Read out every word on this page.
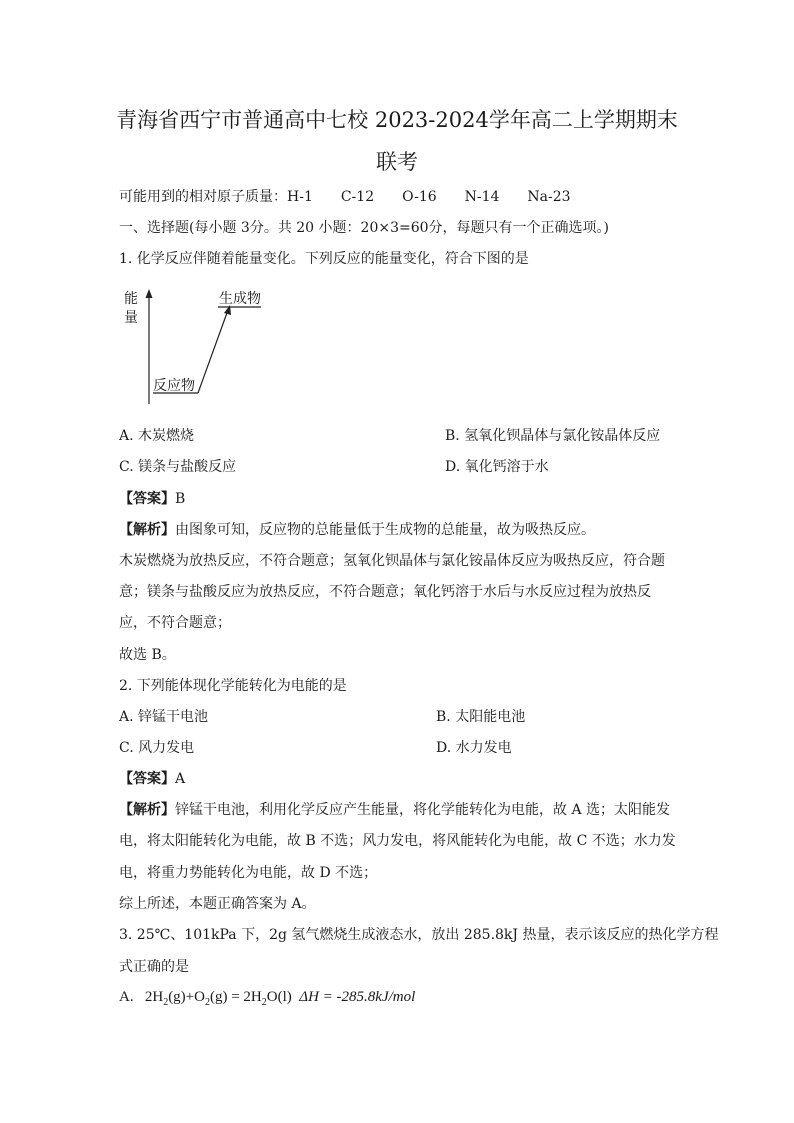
青海省西宁市普通高中七校 2023-2024学年高二上学期期末
联考
可能用到的相对原子质量：H-1　　C-12　　O-16　　N-14　　Na-23
一、选择题(每小题 3分。共 20 小题：20×3=60分，每题只有一个正确选项。)
1. 化学反应伴随着能量变化。下列反应的能量变化，符合下图的是
能
量
生成物
反应物
A. 木炭燃烧	B. 氢氧化钡晶体与氯化铵晶体反应
C. 镁条与盐酸反应	D. 氧化钙溶于水
【答案】B
【解析】由图象可知，反应物的总能量低于生成物的总能量，故为吸热反应。
木炭燃烧为放热反应，不符合题意；氢氧化钡晶体与氯化铵晶体反应为吸热反应，符合题
意；镁条与盐酸反应为放热反应，不符合题意；氧化钙溶于水后与水反应过程为放热反
应，不符合题意；
故选 B。
2. 下列能体现化学能转化为电能的是
A. 锌锰干电池	B. 太阳能电池
C. 风力发电	D. 水力发电
【答案】A
【解析】锌锰干电池，利用化学反应产生能量，将化学能转化为电能，故 A 选；太阳能发
电，将太阳能转化为电能，故 B 不选；风力发电，将风能转化为电能，故 C 不选；水力发
电，将重力势能转化为电能，故 D 不选；
综上所述，本题正确答案为 A。
3. 25℃、101kPa 下，2g 氢气燃烧生成液态水，放出 285.8kJ 热量，表示该反应的热化学方程
式正确的是
A. $2H_2(g)+O_2(g) = 2H_2O(l) \Delta H = -285.8kJ/mol$
